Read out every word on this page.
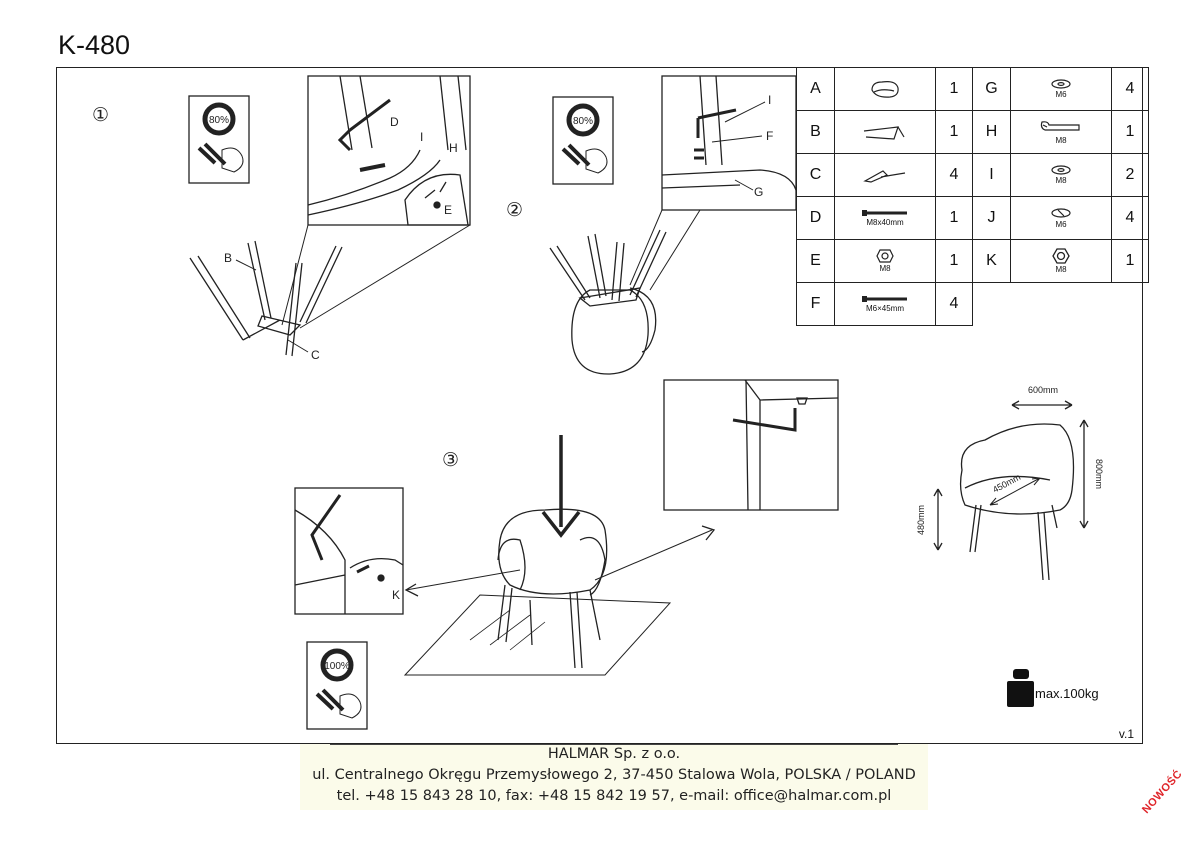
K-480
①	80%	D
I
H
E
B
C
②
80%
I
F
G
③
K
100%
600mm
800mm
450mm
480mm
A		1	G	M6	4
B		1	H	M8	1
C		4	I	M8	2
D	M8x40mm	1	J	M6	4
E	M8	1	K	M8	1
F	M6×45mm	4			
max.100kg
v.1
HALMAR Sp. z o.o.
ul. Centralnego Okręgu Przemysłowego 2, 37-450 Stalowa Wola, POLSKA / POLAND
tel. +48 15 843 28 10, fax: +48 15 842 19 57, e-mail: office@halmar.com.pl	NOWOŚĆ
